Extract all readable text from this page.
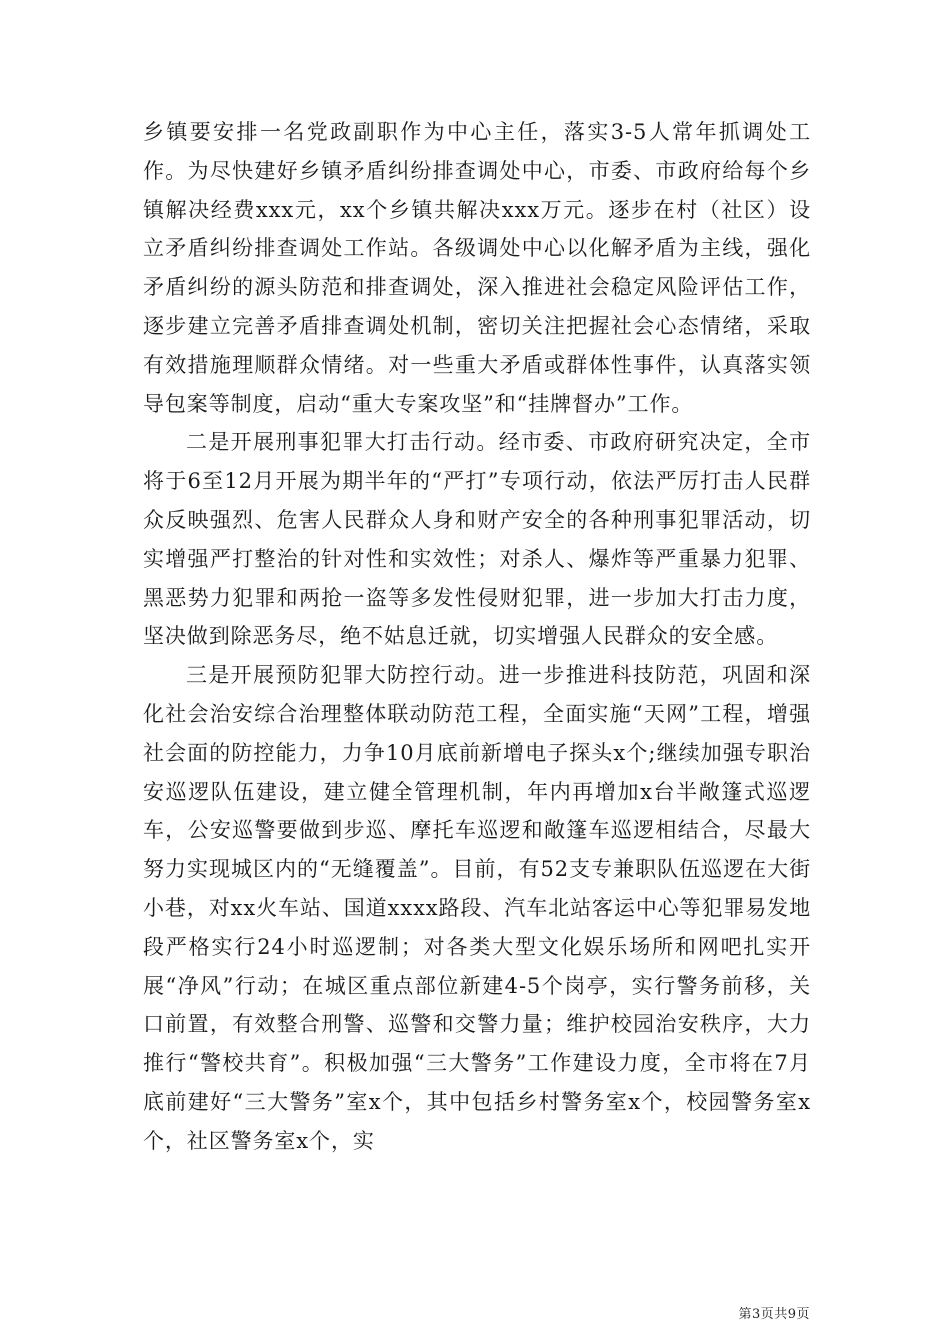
乡镇要安排一名党政副职作为中心主任，落实3-5人常年抓调处工作。为尽快建好乡镇矛盾纠纷排查调处中心，市委、市政府给每个乡镇解决经费xxx元，xx个乡镇共解决xxx万元。逐步在村（社区）设立矛盾纠纷排查调处工作站。各级调处中心以化解矛盾为主线，强化矛盾纠纷的源头防范和排查调处，深入推进社会稳定风险评估工作，逐步建立完善矛盾排查调处机制，密切关注把握社会心态情绪，采取有效措施理顺群众情绪。对一些重大矛盾或群体性事件，认真落实领导包案等制度，启动“重大专案攻坚”和“挂牌督办”工作。

二是开展刑事犯罪大打击行动。经市委、市政府研究决定，全市将于6至12月开展为期半年的“严打”专项行动，依法严厉打击人民群众反映强烈、危害人民群众人身和财产安全的各种刑事犯罪活动，切实增强严打整治的针对性和实效性；对杀人、爆炸等严重暴力犯罪、黑恶势力犯罪和两抢一盗等多发性侵财犯罪，进一步加大打击力度，坚决做到除恶务尽，绝不姑息迁就，切实增强人民群众的安全感。

三是开展预防犯罪大防控行动。进一步推进科技防范，巩固和深化社会治安综合治理整体联动防范工程，全面实施“天网”工程，增强社会面的防控能力，力争10月底前新增电子探头x个;继续加强专职治安巡逻队伍建设，建立健全管理机制，年内再增加x台半敞篷式巡逻车，公安巡警要做到步巡、摩托车巡逻和敞篷车巡逻相结合，尽最大努力实现城区内的“无缝覆盖”。目前，有52支专兼职队伍巡逻在大街小巷，对xx火车站、国道xxxx路段、汽车北站客运中心等犯罪易发地段严格实行24小时巡逻制；对各类大型文化娱乐场所和网吧扎实开展“净风”行动；在城区重点部位新建4-5个岗亭，实行警务前移，关口前置，有效整合刑警、巡警和交警力量；维护校园治安秩序，大力推行“警校共育”。积极加强“三大警务”工作建设力度，全市将在7月底前建好“三大警务”室x个，其中包括乡村警务室x个，校园警务室x个，社区警务室x个，实

第3页共9页
